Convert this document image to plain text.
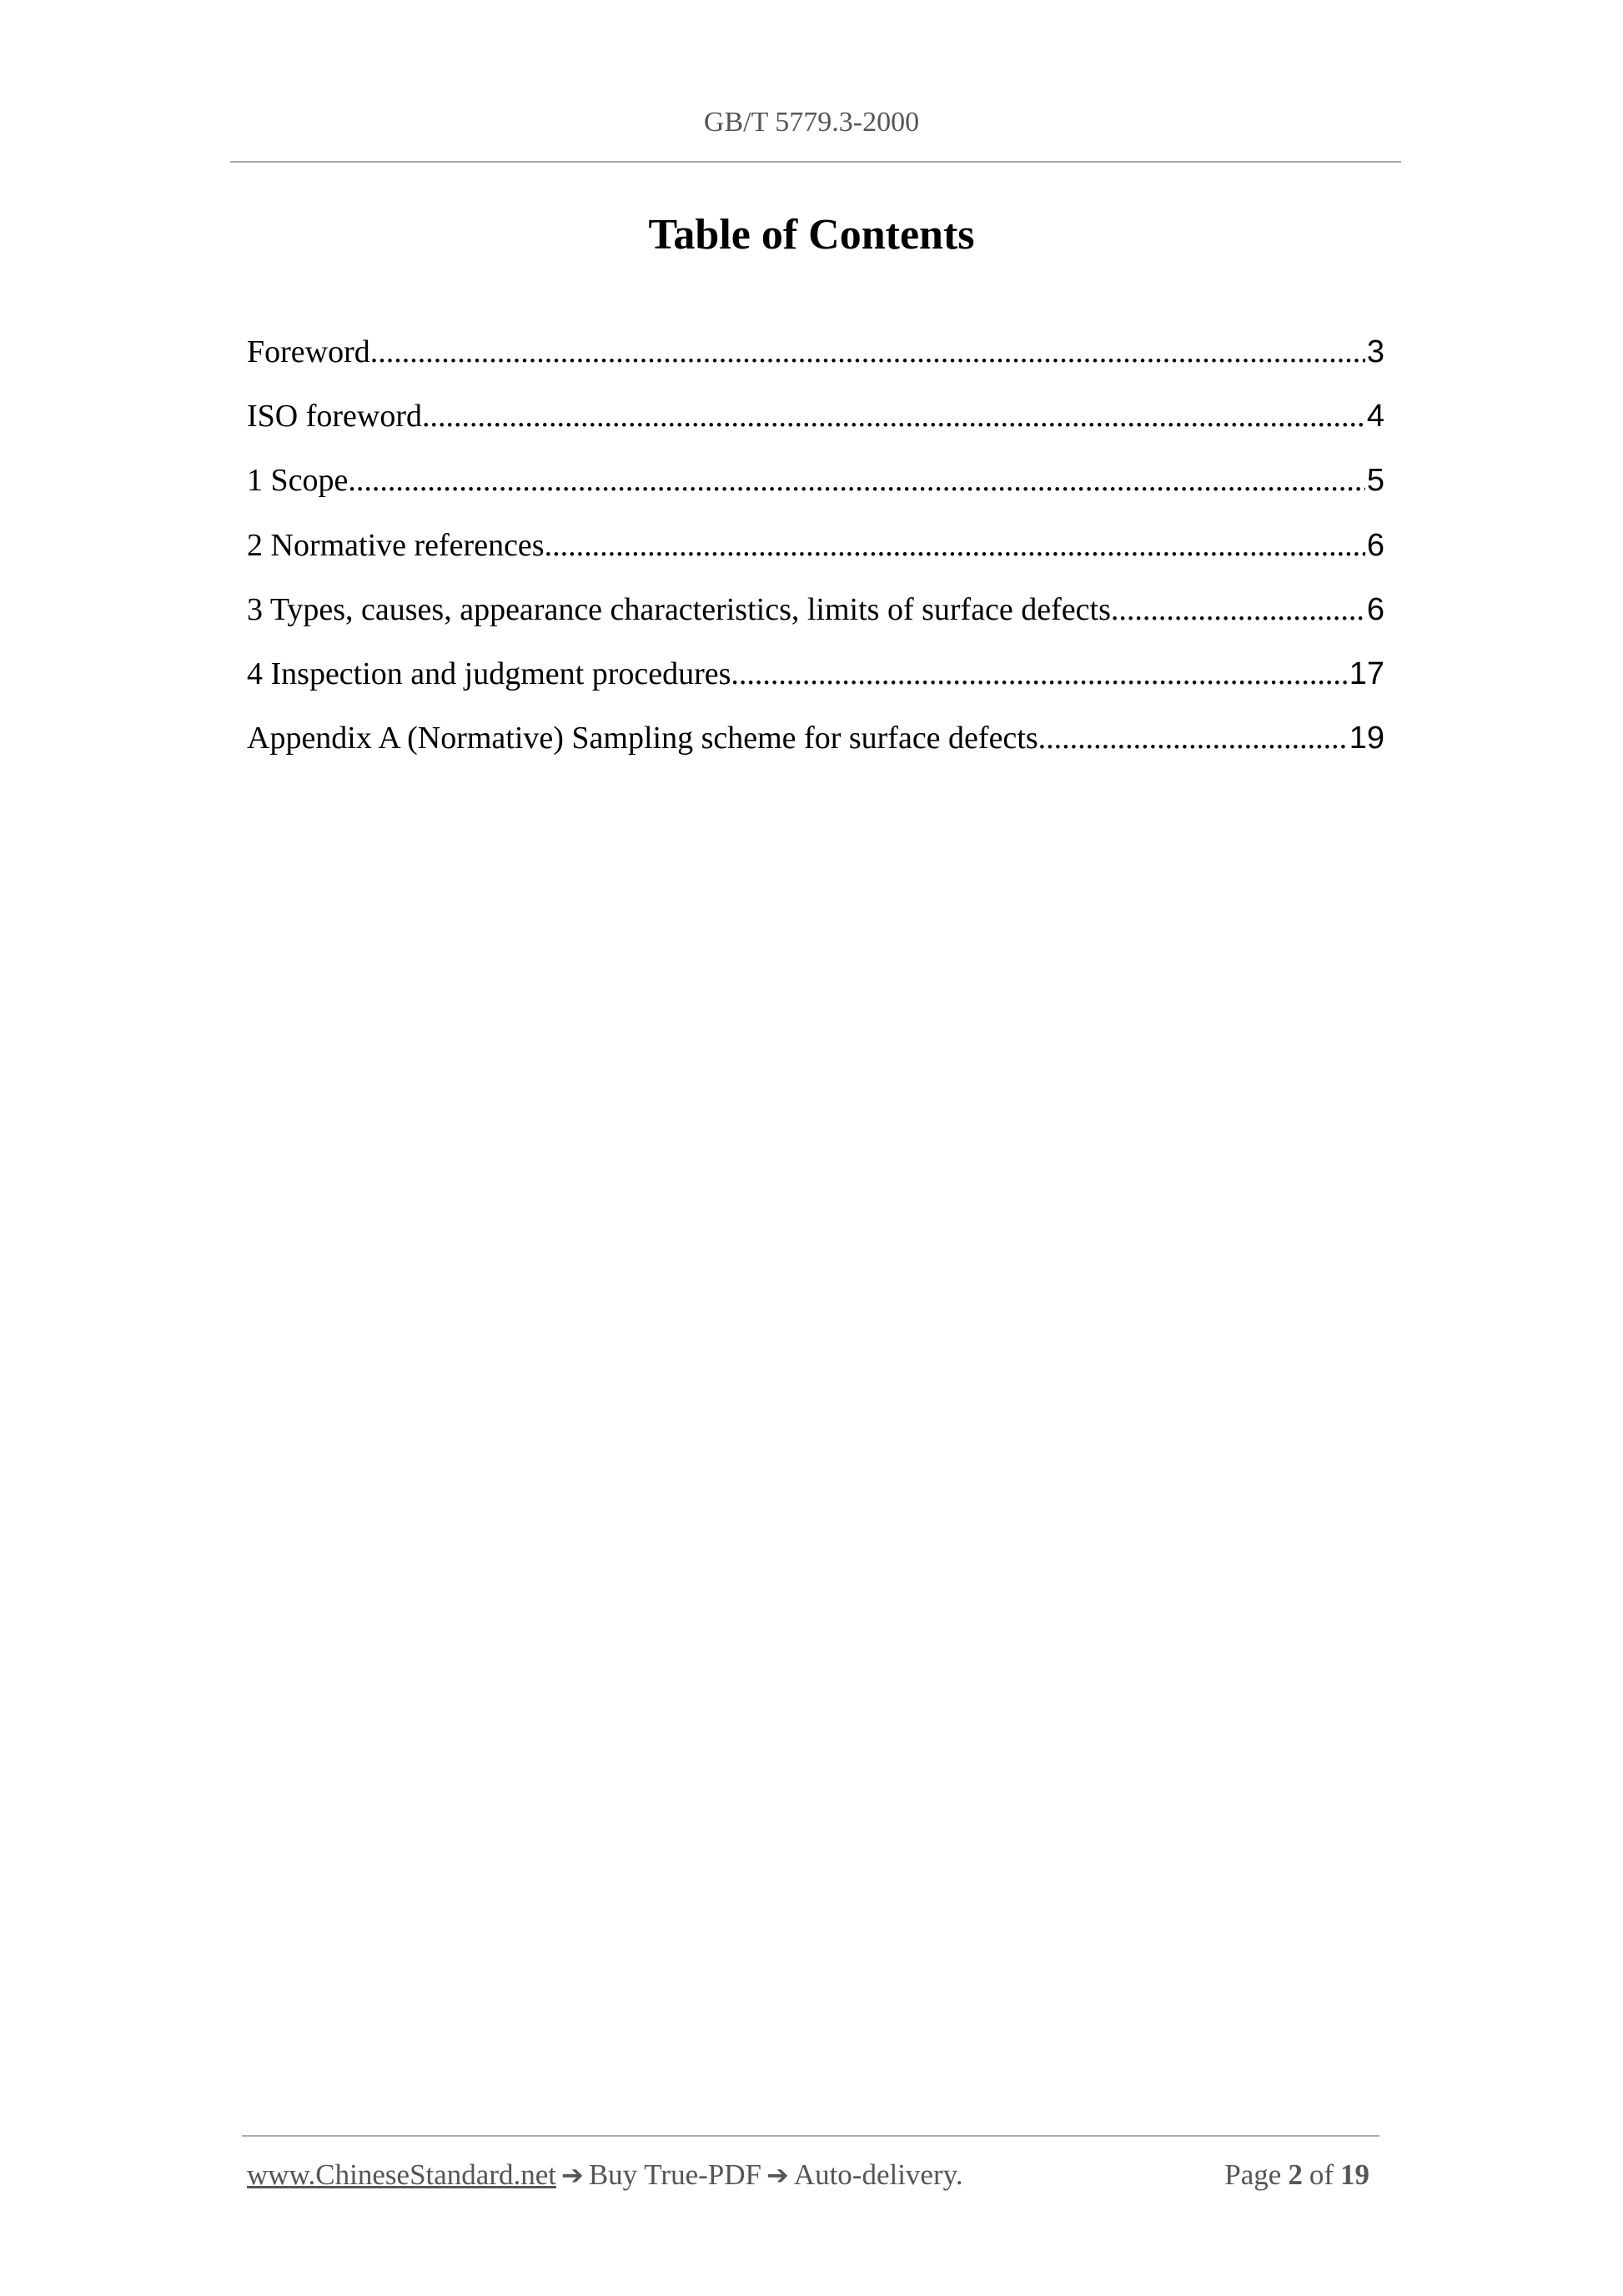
GB/T 5779.3-2000
Table of Contents
Foreword .....	3
ISO foreword .....	4
1 Scope .....	5
2 Normative references .....	6
3 Types, causes, appearance characteristics, limits of surface defects .....	6
4 Inspection and judgment procedures .....	17
Appendix A (Normative) Sampling scheme for surface defects .....	19
www.ChineseStandard.net ➔ Buy True-PDF ➔ Auto-delivery.	Page 2 of 19
